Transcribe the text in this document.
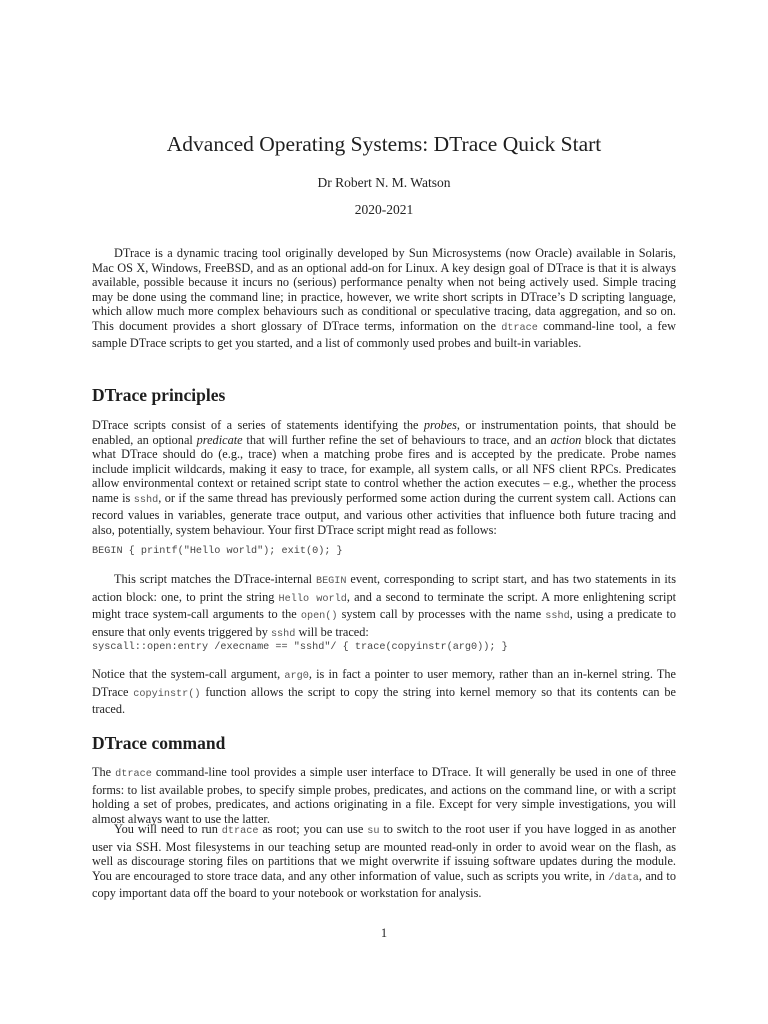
Advanced Operating Systems: DTrace Quick Start
Dr Robert N. M. Watson
2020-2021

DTrace is a dynamic tracing tool originally developed by Sun Microsystems (now Oracle) available in Solaris, Mac OS X, Windows, FreeBSD, and as an optional add-on for Linux. A key design goal of DTrace is that it is always available, possible because it incurs no (serious) performance penalty when not being actively used. Simple tracing may be done using the command line; in practice, however, we write short scripts in DTrace’s D scripting language, which allow much more complex behaviours such as conditional or speculative tracing, data aggregation, and so on. This document provides a short glossary of DTrace terms, information on the dtrace command-line tool, a few sample DTrace scripts to get you started, and a list of commonly used probes and built-in variables.

DTrace principles

DTrace scripts consist of a series of statements identifying the probes, or instrumentation points, that should be enabled, an optional predicate that will further refine the set of behaviours to trace, and an action block that dictates what DTrace should do (e.g., trace) when a matching probe fires and is accepted by the predicate. Probe names include implicit wildcards, making it easy to trace, for example, all system calls, or all NFS client RPCs. Predicates allow environmental context or retained script state to control whether the action executes – e.g., whether the process name is sshd, or if the same thread has previously performed some action during the current system call. Actions can record values in variables, generate trace output, and various other activities that influence both future tracing and also, potentially, system behaviour. Your first DTrace script might read as follows:

BEGIN { printf("Hello world"); exit(0); }

This script matches the DTrace-internal BEGIN event, corresponding to script start, and has two statements in its action block: one, to print the string Hello world, and a second to terminate the script. A more enlightening script might trace system-call arguments to the open() system call by processes with the name sshd, using a predicate to ensure that only events triggered by sshd will be traced:

syscall::open:entry /execname == "sshd"/ { trace(copyinstr(arg0)); }

Notice that the system-call argument, arg0, is in fact a pointer to user memory, rather than an in-kernel string. The DTrace copyinstr() function allows the script to copy the string into kernel memory so that its contents can be traced.

DTrace command

The dtrace command-line tool provides a simple user interface to DTrace. It will generally be used in one of three forms: to list available probes, to specify simple probes, predicates, and actions on the command line, or with a script holding a set of probes, predicates, and actions originating in a file. Except for very simple investigations, you will almost always want to use the latter.

You will need to run dtrace as root; you can use su to switch to the root user if you have logged in as another user via SSH. Most filesystems in our teaching setup are mounted read-only in order to avoid wear on the flash, as well as discourage storing files on partitions that we might overwrite if issuing software updates during the module. You are encouraged to store trace data, and any other information of value, such as scripts you write, in /data, and to copy important data off the board to your notebook or workstation for analysis.

1
